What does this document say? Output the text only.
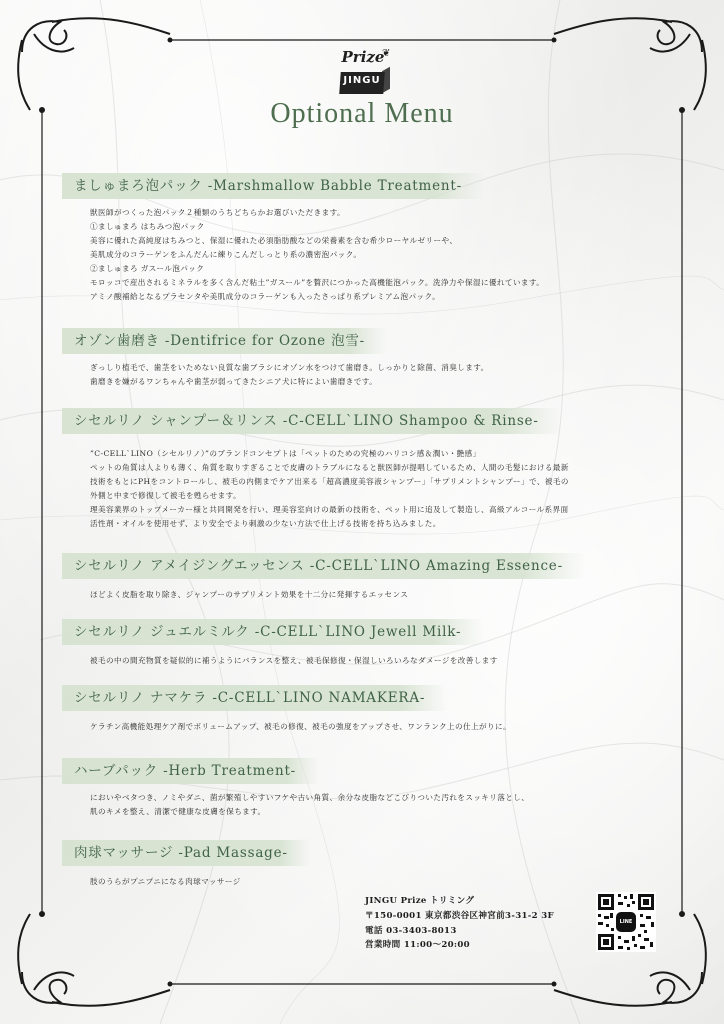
Prize
❦
JINGU
Optional Menu
ましゅまろ泡パック -Marshmallow Babble Treatment-
獣医師がつくった泡パック２種類のうちどちらかお選びいただきます。
①ましゅまろ はちみつ泡パック
美容に優れた高純度はちみつと、保湿に優れた必須脂肪酸などの栄養素を含む希少ローヤルゼリーや、
美肌成分のコラーゲンをふんだんに練りこんだしっとり系の濃密泡パック。
②ましゅまろ ガスール泡パック
モロッコで産出されるミネラルを多く含んだ粘土”ガスール”を贅沢につかった高機能泡パック。洗浄力や保湿に優れています。
アミノ酸補給となるプラセンタや美肌成分のコラーゲンも入ったさっぱり系プレミアム泡パック。
オゾン歯磨き -Dentifrice for Ozone 泡雪-
ぎっしり植毛で、歯茎をいためない良質な歯ブラシにオゾン水をつけて歯磨き。しっかりと除菌、消臭します。
歯磨きを嫌がるワンちゃんや歯茎が弱ってきたシニア犬に特によい歯磨きです。
シセルリノ シャンプー＆リンス -C-CELL`LINO Shampoo & Rinse-
”C-CELL`LINO（シセルリノ）”のブランドコンセプトは「ペットのための究極のハリコシ感＆潤い・艶感」
ペットの角質は人よりも薄く、角質を取りすぎることで皮膚のトラブルになると獣医師が提唱しているため、人間の毛髪における最新
技術をもとにPHをコントロールし、被毛の内側までケア出来る「超高濃度美容液シャンプー」「サプリメントシャンプー」で、被毛の
外側と中まで修復して被毛を甦らせます。
理美容業界のトップメーカー様と共同開発を行い、理美容室向けの最新の技術を、ペット用に追及して製造し、高級アルコール系界面
活性剤・オイルを使用せず、より安全でより刺激の少ない方法で仕上げる技術を持ち込みました。
シセルリノ アメイジングエッセンス -C-CELL`LINO Amazing Essence-
ほどよく皮脂を取り除き、ジャンプーのサプリメント効果を十二分に発揮するエッセンス
シセルリノ ジュエルミルク -C-CELL`LINO Jewell Milk-
被毛の中の間充物質を疑似的に補うようにバランスを整え、被毛保修復・保湿しいろいろなダメージを改善します
シセルリノ ナマケラ -C-CELL`LINO NAMAKERA-
ケラチン高機能処理ケア剤でボリュームアップ、被毛の修復、被毛の強度をアップさせ、ワンランク上の仕上がりに。
ハーブパック -Herb Treatment-
においやベタつき、ノミやダニ、菌が繁殖しやすいフケや古い角質、余分な皮脂などこびりついた汚れをスッキリ落とし、
肌のキメを整え、清潔で健康な皮膚を保ちます。
肉球マッサージ -Pad Massage-
肢のうらがプニプニになる肉球マッサージ
JINGU Prize トリミング
〒150-0001 東京都渋谷区神宮前3-31-2 3F
電話 03-3403-8013
営業時間 11:00～20:00
LINE
